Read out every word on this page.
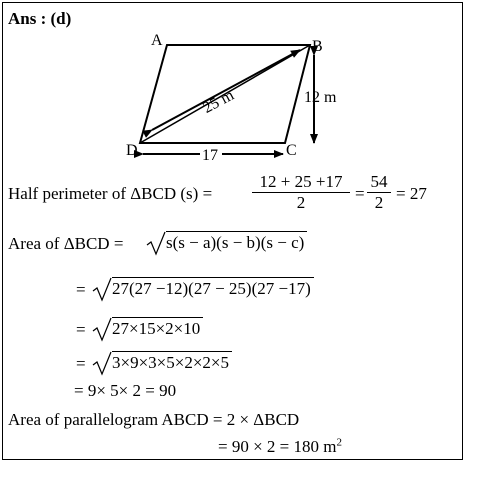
Ans : (d)
A	B
C
D
25 m	12 m
17
Half perimeter of ΔBCD (s) =
12 + 25 +17
2	=
54
2 = 27
Area of ΔBCD =	s(s − a)(s − b)(s − c)
= 27(27 −12)(27 − 25)(27 −17)
= 27×15×2×10
= 3×9×3×5×2×2×5
= 9× 5× 2 = 90
Area of parallelogram ABCD = 2 × ΔBCD
= 90 × 2 = 180 $m^2$
